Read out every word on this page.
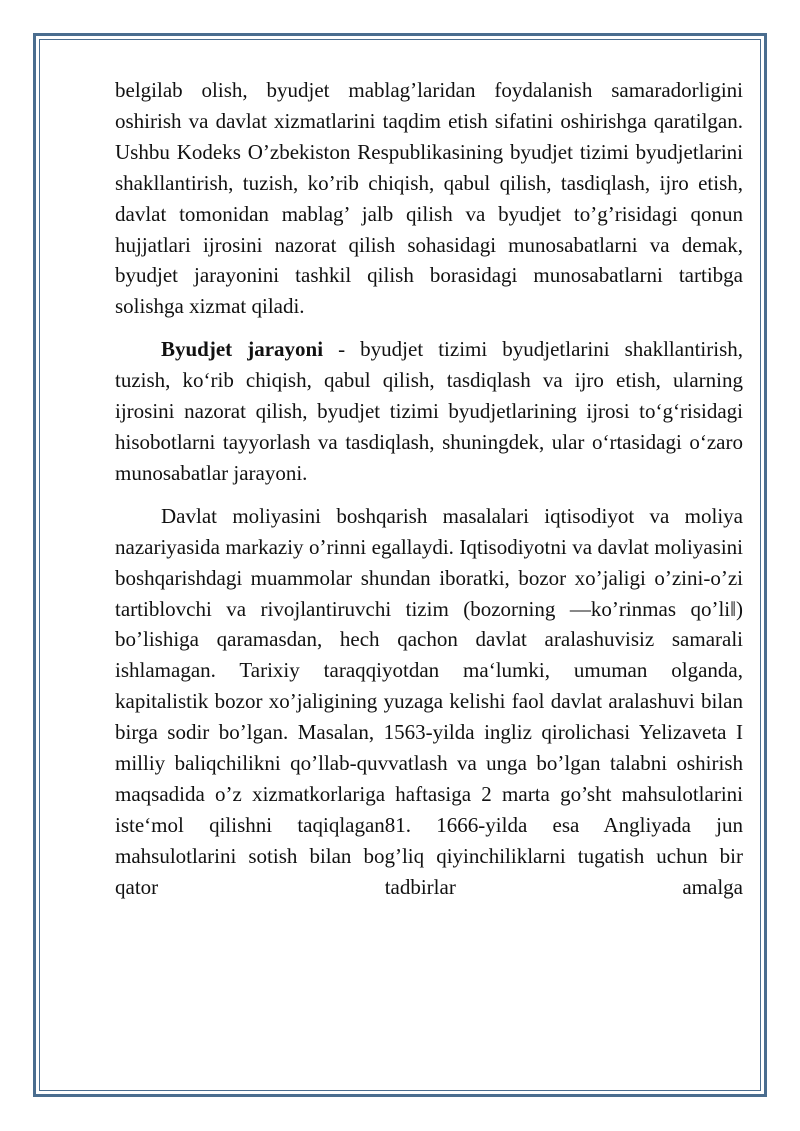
belgilab olish, byudjet mablag’laridan foydalanish samaradorligini oshirish va davlat xizmatlarini taqdim etish sifatini oshirishga qaratilgan. Ushbu Kodeks O’zbekiston Respublikasining byudjet tizimi byudjetlarini shakllantirish, tuzish, ko’rib chiqish, qabul qilish, tasdiqlash, ijro etish, davlat tomonidan mablag’ jalb qilish va byudjet to’g’risidagi qonun hujjatlari ijrosini nazorat qilish sohasidagi munosabatlarni va demak, byudjet jarayonini tashkil qilish borasidagi munosabatlarni tartibga solishga xizmat qiladi.

Byudjet jarayoni - byudjet tizimi byudjetlarini shakllantirish, tuzish, ko‘rib chiqish, qabul qilish, tasdiqlash va ijro etish, ularning ijrosini nazorat qilish, byudjet tizimi byudjetlarining ijrosi to‘g‘risidagi hisobotlarni tayyorlash va tasdiqlash, shuningdek, ular o‘rtasidagi o‘zaro munosabatlar jarayoni.

Davlat moliyasini boshqarish masalalari iqtisodiyot va moliya nazariyasida markaziy o’rinni egallaydi. Iqtisodiyotni va davlat moliyasini boshqarishdagi muammolar shundan iboratki, bozor xo’jaligi o’zini-o’zi tartiblovchi va rivojlantiruvchi tizim (bozorning ―ko’rinmas qo’li‖) bo’lishiga qaramasdan, hech qachon davlat aralashuvisiz samarali ishlamagan. Tarixiy taraqqiyotdan ma‘lumki, umuman olganda, kapitalistik bozor xo’jaligining yuzaga kelishi faol davlat aralashuvi bilan birga sodir bo’lgan. Masalan, 1563-yilda ingliz qirolichasi Yelizaveta I milliy baliqchilikni qo’llab-quvvatlash va unga bo’lgan talabni oshirish maqsadida o’z xizmatkorlariga haftasiga 2 marta go’sht mahsulotlarini iste‘mol qilishni taqiqlagan81. 1666-yilda esa Angliyada jun mahsulotlarini sotish bilan bog’liq qiyinchiliklarni tugatish uchun bir qator tadbirlar amalga
